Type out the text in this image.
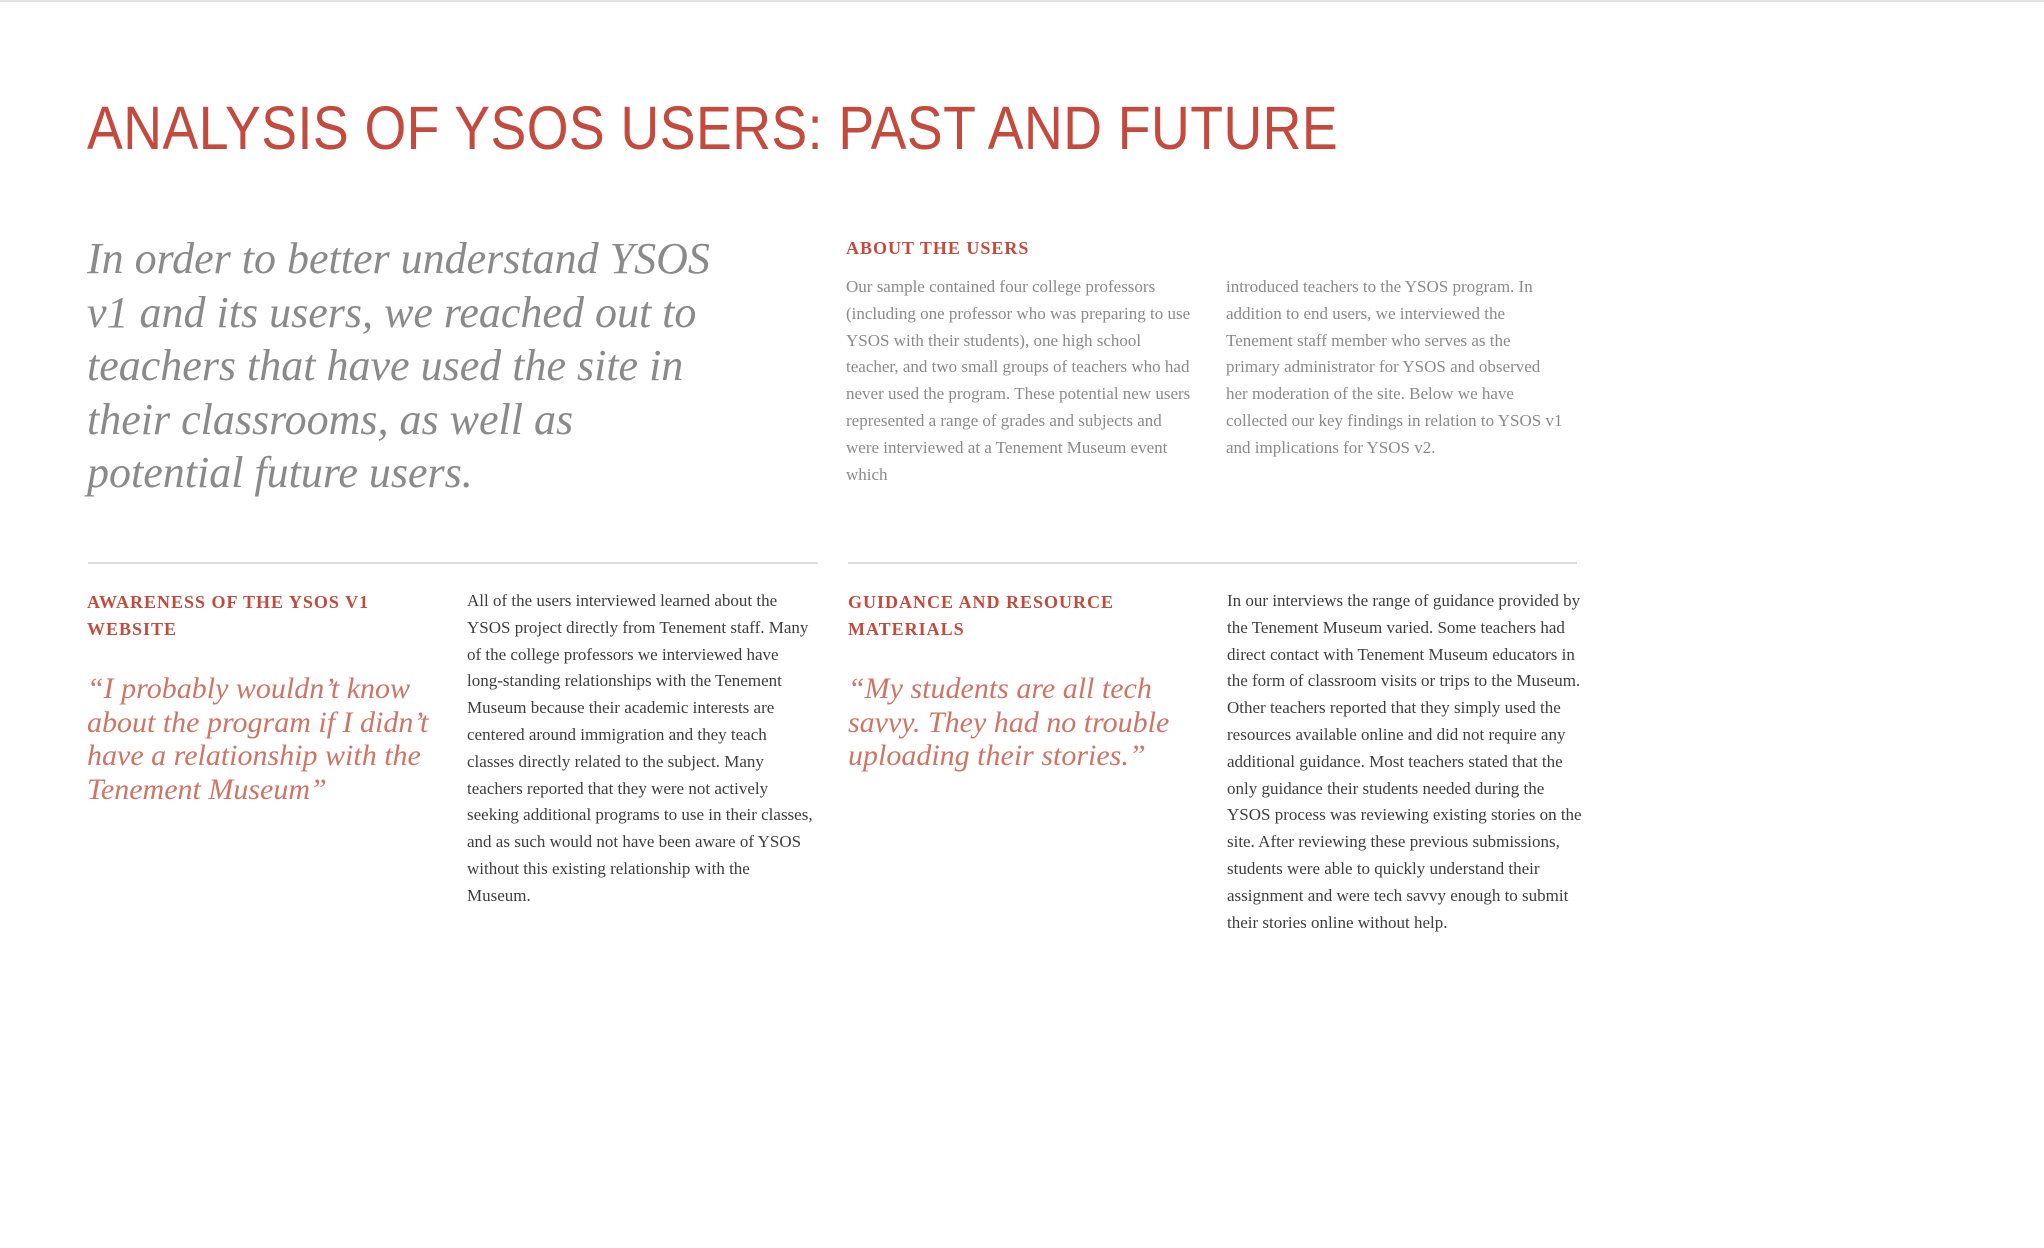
ANALYSIS OF YSOS USERS: PAST AND FUTURE

In order to better understand YSOS v1 and its users, we reached out to teachers that have used the site in their classrooms, as well as potential future users.

ABOUT THE USERS

Our sample contained four college professors (including one professor who was preparing to use YSOS with their students), one high school teacher, and two small groups of teachers who had never used the program. These potential new users represented a range of grades and subjects and were interviewed at a Tenement Museum event which

introduced teachers to the YSOS program. In addition to end users, we interviewed the Tenement staff member who serves as the primary administrator for YSOS and observed her moderation of the site. Below we have collected our key findings in relation to YSOS v1 and implications for YSOS v2.

AWARENESS OF THE YSOS V1 WEBSITE

“I probably wouldn’t know about the program if I didn’t have a relationship with the Tenement Museum”

All of the users interviewed learned about the YSOS project directly from Tenement staff. Many of the college professors we interviewed have long-standing relationships with the Tenement Museum because their academic interests are centered around immigration and they teach classes directly related to the subject. Many teachers reported that they were not actively seeking additional programs to use in their classes, and as such would not have been aware of YSOS without this existing relationship with the Museum.

GUIDANCE AND RESOURCE MATERIALS

“My students are all tech savvy. They had no trouble uploading their stories.”

In our interviews the range of guidance provided by the Tenement Museum varied. Some teachers had direct contact with Tenement Museum educators in the form of classroom visits or trips to the Museum. Other teachers reported that they simply used the resources available online and did not require any additional guidance. Most teachers stated that the only guidance their students needed during the YSOS process was reviewing existing stories on the site. After reviewing these previous submissions, students were able to quickly understand their assignment and were tech savvy enough to submit their stories online without help.
